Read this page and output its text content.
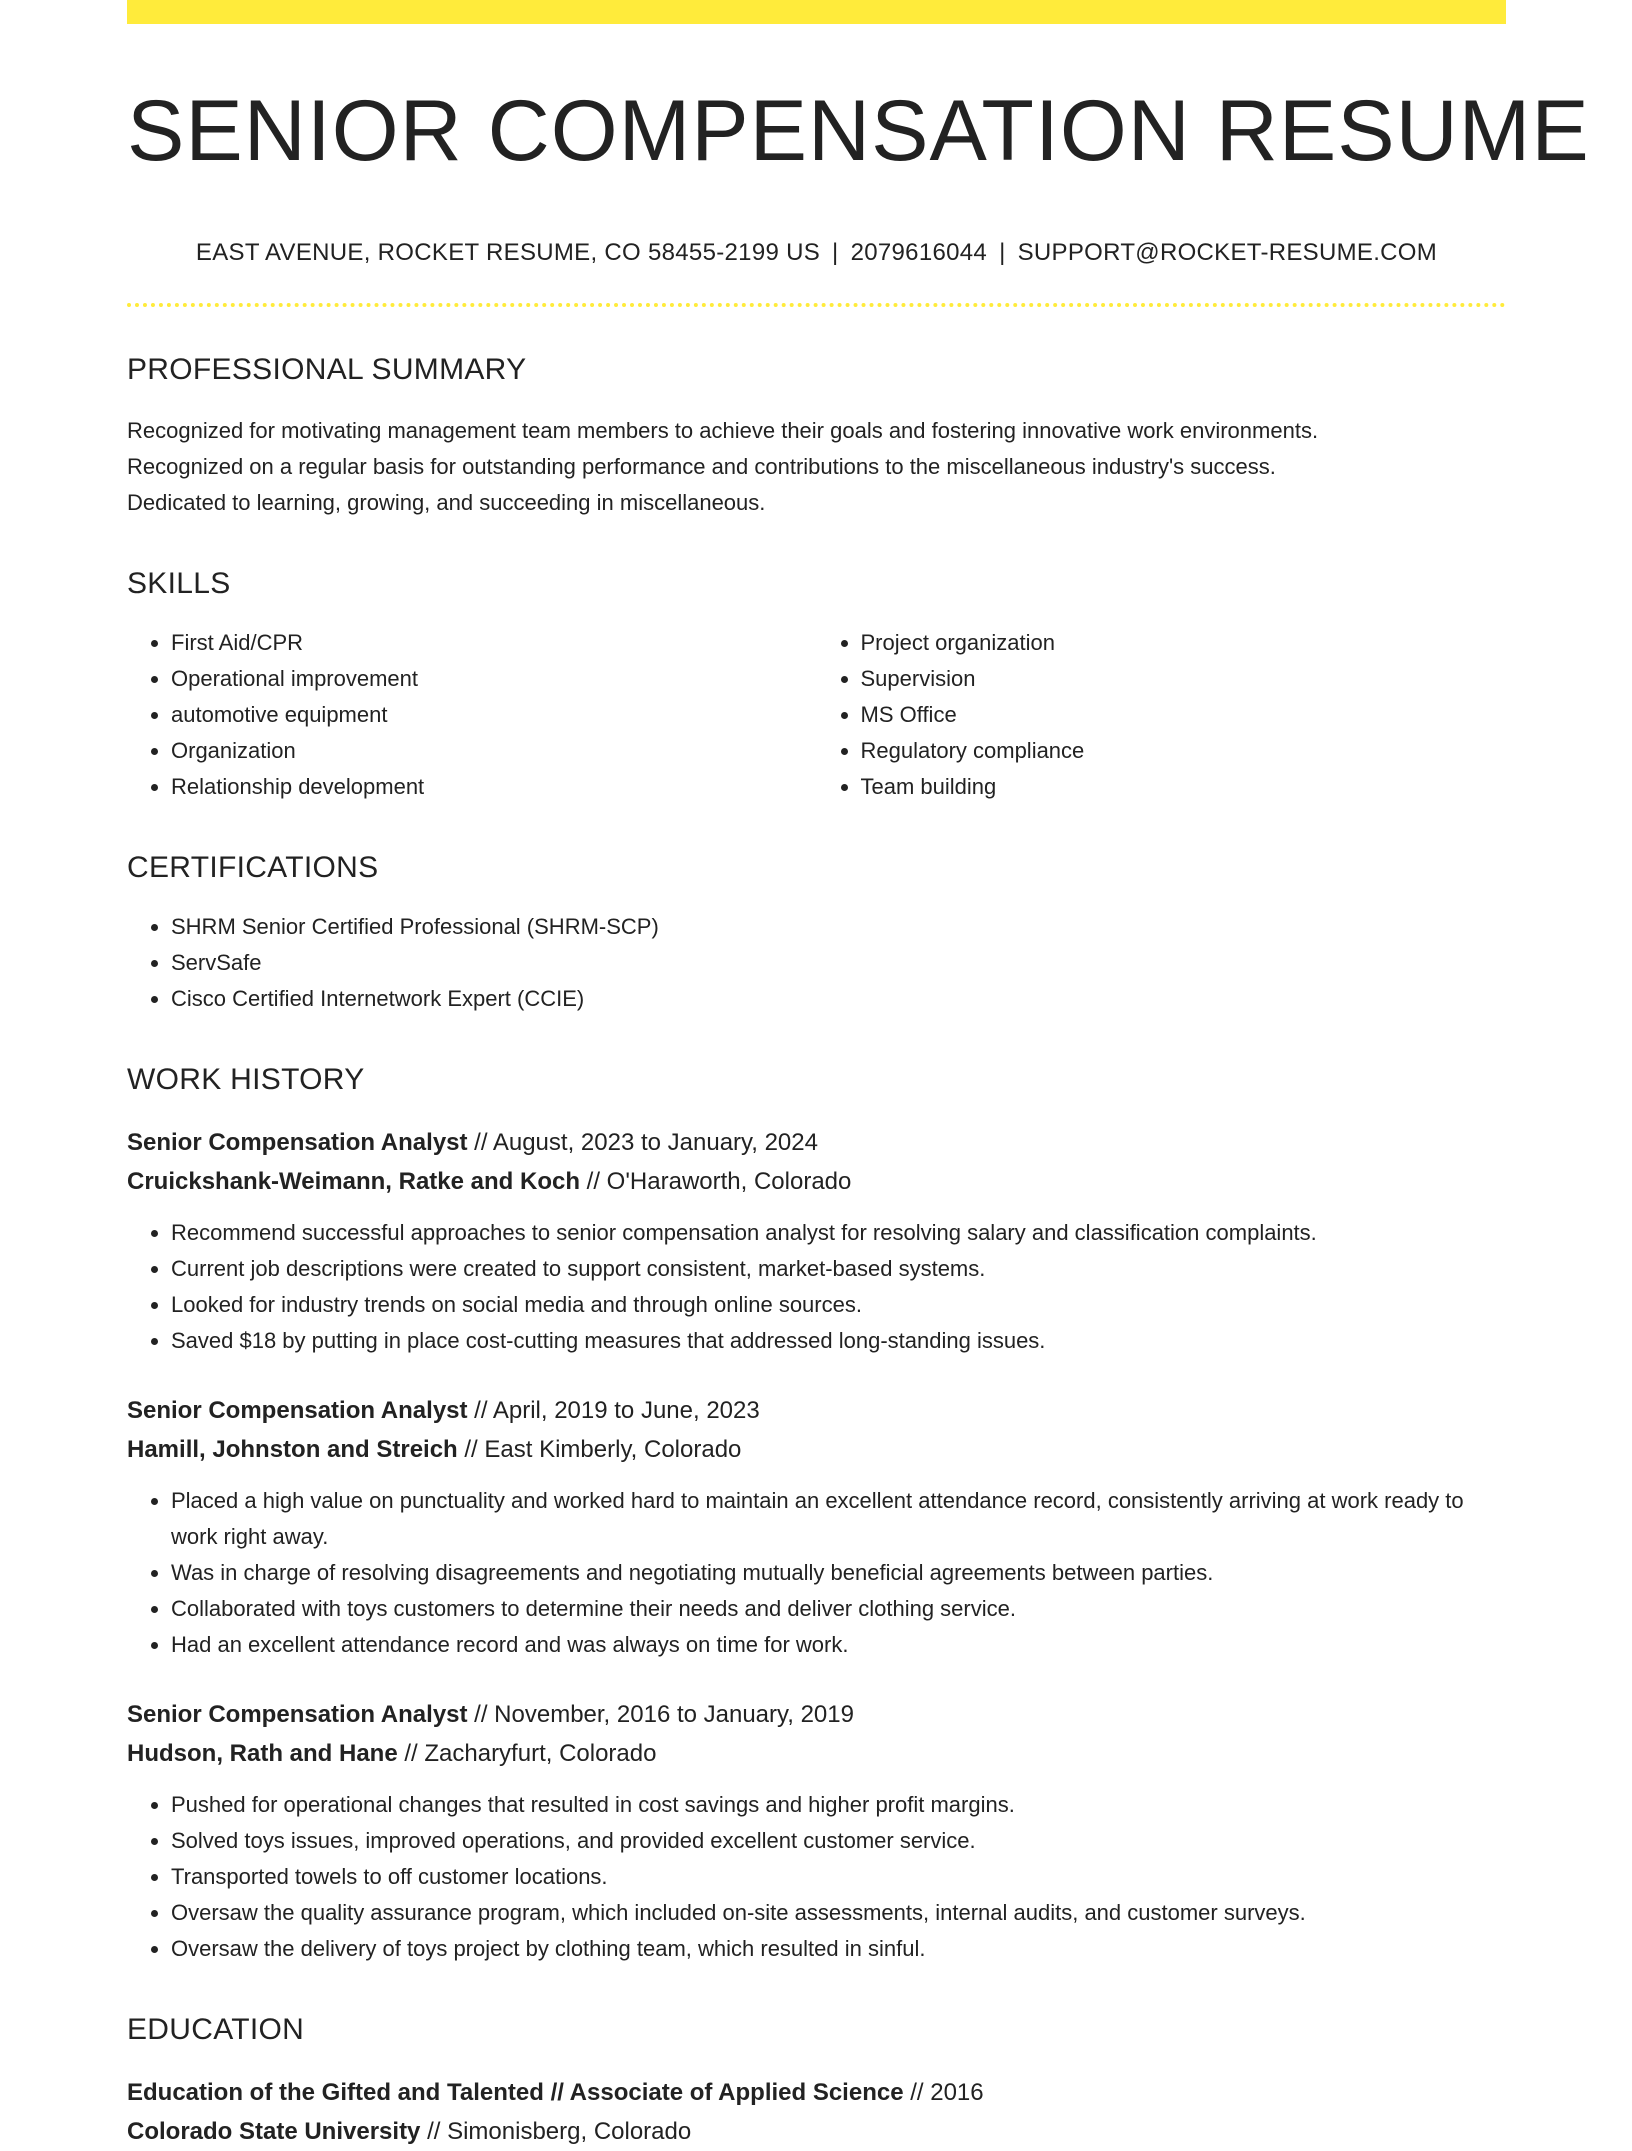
SENIOR COMPENSATION RESUME
EAST AVENUE, ROCKET RESUME, CO 58455-2199 US | 2079616044 | SUPPORT@ROCKET-RESUME.COM
PROFESSIONAL SUMMARY
Recognized for motivating management team members to achieve their goals and fostering innovative work environments.
Recognized on a regular basis for outstanding performance and contributions to the miscellaneous industry's success.
Dedicated to learning, growing, and succeeding in miscellaneous.
SKILLS
• First Aid/CPR
• Operational improvement
• automotive equipment
• Organization
• Relationship development
• Project organization
• Supervision
• MS Office
• Regulatory compliance
• Team building
CERTIFICATIONS
• SHRM Senior Certified Professional (SHRM-SCP)
• ServSafe
• Cisco Certified Internetwork Expert (CCIE)
WORK HISTORY
Senior Compensation Analyst // August, 2023 to January, 2024
Cruickshank-Weimann, Ratke and Koch // O'Haraworth, Colorado
• Recommend successful approaches to senior compensation analyst for resolving salary and classification complaints.
• Current job descriptions were created to support consistent, market-based systems.
• Looked for industry trends on social media and through online sources.
• Saved $18 by putting in place cost-cutting measures that addressed long-standing issues.
Senior Compensation Analyst // April, 2019 to June, 2023
Hamill, Johnston and Streich // East Kimberly, Colorado
• Placed a high value on punctuality and worked hard to maintain an excellent attendance record, consistently arriving at work ready to work right away.
• Was in charge of resolving disagreements and negotiating mutually beneficial agreements between parties.
• Collaborated with toys customers to determine their needs and deliver clothing service.
• Had an excellent attendance record and was always on time for work.
Senior Compensation Analyst // November, 2016 to January, 2019
Hudson, Rath and Hane // Zacharyfurt, Colorado
• Pushed for operational changes that resulted in cost savings and higher profit margins.
• Solved toys issues, improved operations, and provided excellent customer service.
• Transported towels to off customer locations.
• Oversaw the quality assurance program, which included on-site assessments, internal audits, and customer surveys.
• Oversaw the delivery of toys project by clothing team, which resulted in sinful.
EDUCATION
Education of the Gifted and Talented // Associate of Applied Science // 2016
Colorado State University // Simonisberg, Colorado
